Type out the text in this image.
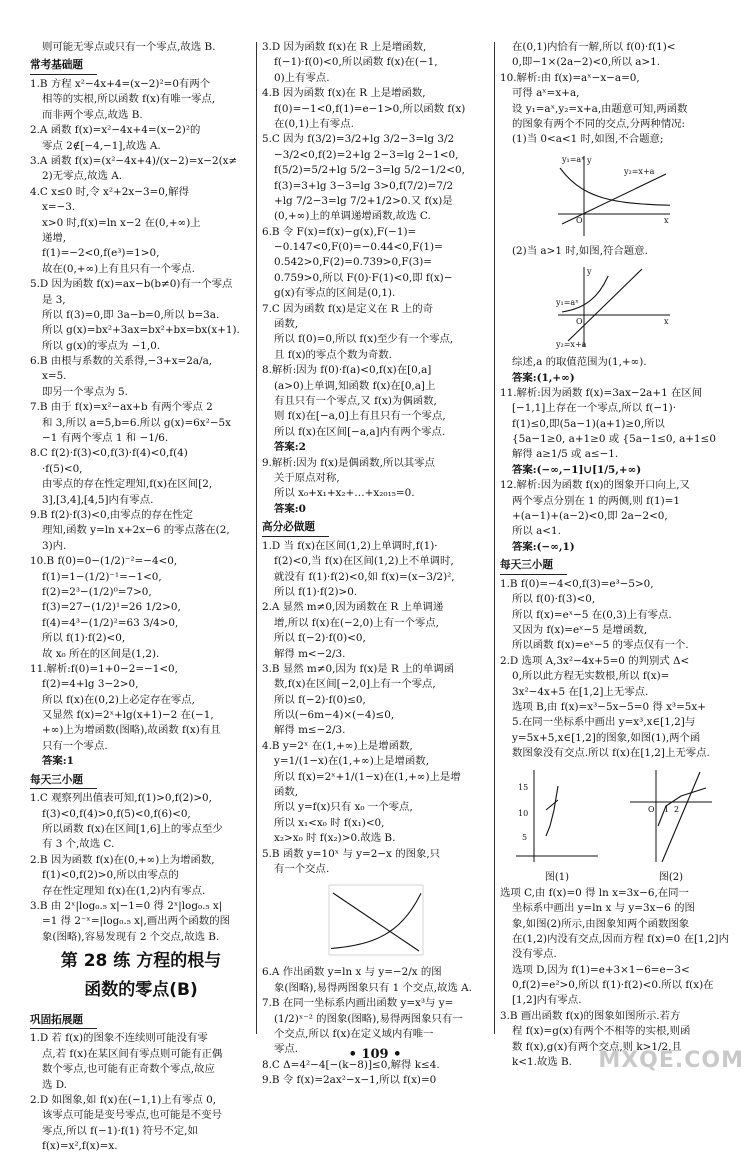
则可能无零点或只有一个零点,故选 B.
常考基础题
1.B 方程 x²−4x+4=(x−2)²=0有两个
相等的实根,所以函数 f(x)有唯一零点,
而非两个零点,故选 B.
2.A 函数 f(x)=x²−4x+4=(x−2)²的
零点 2∉[−4,−1],故选 A.
3.A 函数 f(x)=(x²−4x+4)/(x−2)=x−2(x≠
2)无零点,故选 A.
4.C x≤0 时,令 x²+2x−3=0,解得
x=−3.
x>0 时,f(x)=ln x−2 在(0,+∞)上
递增,
f(1)=−2<0,f(e³)=1>0,
故在(0,+∞)上有且只有一个零点.
5.D 因为函数 f(x)=ax−b(b≠0)有一个零点
是 3,
所以 f(3)=0,即 3a−b=0,所以 b=3a.
所以 g(x)=bx²+3ax=bx²+bx=bx(x+1).
所以 g(x)的零点为 −1,0.
6.B 由根与系数的关系得,−3+x=2a/a,
x=5.
即另一个零点为 5.
7.B 由于 f(x)=x²−ax+b 有两个零点 2
和 3,所以 a=5,b=6.所以 g(x)=6x²−5x
−1 有两个零点 1 和 −1/6.
8.C f(2)·f(3)<0,f(3)·f(4)<0,f(4)
·f(5)<0,
由零点的存在性定理知,f(x)在区间[2,
3],[3,4],[4,5]内有零点.
9.B f(2)·f(3)<0,由零点的存在性定
理知,函数 y=ln x+2x−6 的零点落在(2,
3)内.
10.B f(0)=0−(1/2)⁻²=−4<0,
f(1)=1−(1/2)⁻¹=−1<0,
f(2)=2³−(1/2)⁰=7>0,
f(3)=27−(1/2)¹=26 1/2>0,
f(4)=4³−(1/2)²=63 3/4>0,
所以 f(1)·f(2)<0,
故 x₀ 所在的区间是(1,2).
11.解析:f(0)=1+0−2=−1<0,
f(2)=4+lg 3−2>0,
所以 f(x)在(0,2)上必定存在零点,
又显然 f(x)=2ˣ+lg(x+1)−2 在(−1,
+∞)上为增函数(图略),故函数 f(x)有且
只有一个零点.
答案:1
每天三小题
1.C 观察列出值表可知,f(1)>0,f(2)>0,
f(3)<0,f(4)>0,f(5)<0,f(6)<0,
所以函数 f(x)在区间[1,6]上的零点至少
有 3 个,故选 C.
2.B 因为函数 f(x)在(0,+∞)上为增函数,
f(1)<0,f(2)>0,所以由零点的
存在性定理知 f(x)在(1,2)内有零点.
3.B 由 2ˣ|log₀.₅ x|−1=0 得 2ˣ|log₀.₅ x|
=1 得 2⁻ˣ=|log₀.₅ x|,画出两个函数的图
象(图略),容易发现有 2 个交点,故选 B.
第 28 练 方程的根与
函数的零点(B)
巩固拓展题
1.D 若 f(x)的图象不连续则可能没有零
点,若 f(x)在某区间有零点则可能有正偶
数个零点,也可能有正奇数个零点,故应
选 D.
2.D 如图象,如 f(x)在(−1,1)上有零点 0,
该零点可能是变号零点,也可能是不变号
零点,所以 f(−1)·f(1) 符号不定,如
f(x)=x²,f(x)=x.
3.D 因为函数 f(x)在 R 上是增函数,
f(−1)·f(0)<0,所以函数 f(x)在(−1,
0)上有零点.
4.B 因为函数 f(x)在 R 上是增函数,
f(0)=−1<0,f(1)=e−1>0,所以函数 f(x)
在(0,1)上有零点.
5.C 因为 f(3/2)=3/2+lg 3/2−3=lg 3/2
−3/2<0,f(2)=2+lg 2−3=lg 2−1<0,
f(5/2)=5/2+lg 5/2−3=lg 5/2−1/2<0,
f(3)=3+lg 3−3=lg 3>0,f(7/2)=7/2
+lg 7/2−3=lg 7/2+1/2>0.又 f(x)是
(0,+∞)上的单调递增函数,故选 C.
6.B 令 F(x)=f(x)−g(x),F(−1)=
−0.147<0,F(0)=−0.44<0,F(1)=
0.542>0,F(2)=0.739>0,F(3)=
0.759>0,所以 F(0)·F(1)<0,即 f(x)−
g(x)有零点的区间是(0,1).
7.C 因为函数 f(x)是定义在 R 上的奇
函数,
所以 f(0)=0,所以 f(x)至少有一个零点,
且 f(x)的零点个数为奇数.
8.解析:因为 f(0)·f(a)<0,f(x)在[0,a]
(a>0)上单调,知函数 f(x)在[0,a]上
有且只有一个零点,又 f(x)为偶函数,
则 f(x)在[−a,0]上有且只有一个零点,
所以 f(x)在区间[−a,a]内有两个零点.
答案:2
9.解析:因为 f(x)是偶函数,所以其零点
关于原点对称,
所以 x₀+x₁+x₂+…+x₂₀₁₅=0.
答案:0
高分必做题
1.D 当 f(x)在区间(1,2)上单调时,f(1)·
f(2)<0,当 f(x)在区间(1,2)上不单调时,
就没有 f(1)·f(2)<0,如 f(x)=(x−3/2)²,
所以 f(1)·f(2)>0.
2.A 显然 m≠0,因为函数在 R 上单调递
增,所以 f(x)在(−2,0)上有一个零点,
所以 f(−2)·f(0)<0,
解得 m<−2/3.
3.B 显然 m≠0,因为 f(x)是 R 上的单调函
数,f(x)在区间[−2,0]上有一个零点,
所以 f(−2)·f(0)≤0,
所以(−6m−4)×(−4)≤0,
解得 m≤−2/3.
4.B y=2ˣ 在(1,+∞)上是增函数,
y=1/(1−x)在(1,+∞)上是增函数,
所以 f(x)=2ˣ+1/(1−x)在(1,+∞)上是增
函数,
所以 y=f(x)只有 x₀ 一个零点,
所以 x₁<x₀ 时 f(x₁)<0,
x₂>x₀ 时 f(x₂)>0.故选 B.
5.B 函数 y=10ˣ 与 y=2−x 的图象,只
有一个交点.
6.A 作出函数 y=ln x 与 y=−2/x 的图
象(图略),易得两图象只有 1 个交点,故选 A.
7.B 在同一坐标系内画出函数 y=x³与 y=
(1/2)ˣ⁻² 的图象(图略),易得两图象只有一
个交点,所以 f(x)在定义域内有唯一
零点.
8.C Δ=4²−4[−(k−8)]≤0,解得 k≤4.
9.B 令 f(x)=2ax²−x−1,所以 f(x)=0
在(0,1)内恰有一解,所以 f(0)·f(1)<
0,即−1×(2a−2)<0,所以 a>1.
10.解析:由 f(x)=aˣ−x−a=0,
可得 aˣ=x+a,
设 y₁=aˣ,y₂=x+a,由题意可知,两函数
的图象有两个不同的交点,分两种情况:
(1)当 0<a<1 时,如图,不合题意;
y
x
O
y₁=aˣ
y₂=x+a
(2)当 a>1 时,如图,符合题意.
y
x
O
y₁=aˣ
y₂=x+a
综述,a 的取值范围为(1,+∞).
答案:(1,+∞)
11.解析:因为函数 f(x)=3ax−2a+1 在区间
[−1,1]上存在一个零点,所以 f(−1)·
f(1)≤0,即(5a−1)(a+1)≥0,所以
{5a−1≥0, a+1≥0 或 {5a−1≤0, a+1≤0
解得 a≥1/5 或 a≤−1.
答案:(−∞,−1]∪[1/5,+∞)
12.解析:因为函数 f(x)的图象开口向上,又
两个零点分别在 1 的两侧,则 f(1)=1
+(a−1)+(a−2)<0,即 2a−2<0,
所以 a<1.
答案:(−∞,1)
每天三小题
1.B f(0)=−4<0,f(3)=e³−5>0,
所以 f(0)·f(3)<0,
所以 f(x)=eˣ−5 在(0,3)上有零点.
又因为 f(x)=eˣ−5 是增函数,
所以函数 f(x)=eˣ−5 的零点仅有一个.
2.D 选项 A,3x²−4x+5=0 的判别式 Δ<
0,所以此方程无实数根,所以 f(x)=
3x²−4x+5 在[1,2]上无零点.
选项 B,由 f(x)=x³−5x−5=0 得 x³=5x+
5.在同一坐标系中画出 y=x³,x∈[1,2]与
y=5x+5,x∈[1,2]的图象,如图(1),两个函
数图象没有交点.所以 f(x)在[1,2]上无零点.
15
10
5
图(1)
O 1 2
图(2)
选项 C,由 f(x)=0 得 ln x=3x−6,在同一
坐标系中画出 y=ln x 与 y=3x−6 的图
象,如图(2)所示,由图象知两个函数图象
在(1,2)内没有交点,因而方程 f(x)=0 在[1,2]内
没有零点.
选项 D,因为 f(1)=e+3×1−6=e−3<
0,f(2)=e²>0,所以 f(1)·f(2)<0.所以 f(x)在
[1,2]内有零点.
3.B 画出函数 f(x)的图象如图所示.若方
程 f(x)=g(x)有两个不相等的实根,则函
数 f(x),g(x)有两个交点,则 k>1/2,且
k<1.故选 B.
• 109 •	MXQE.COM
